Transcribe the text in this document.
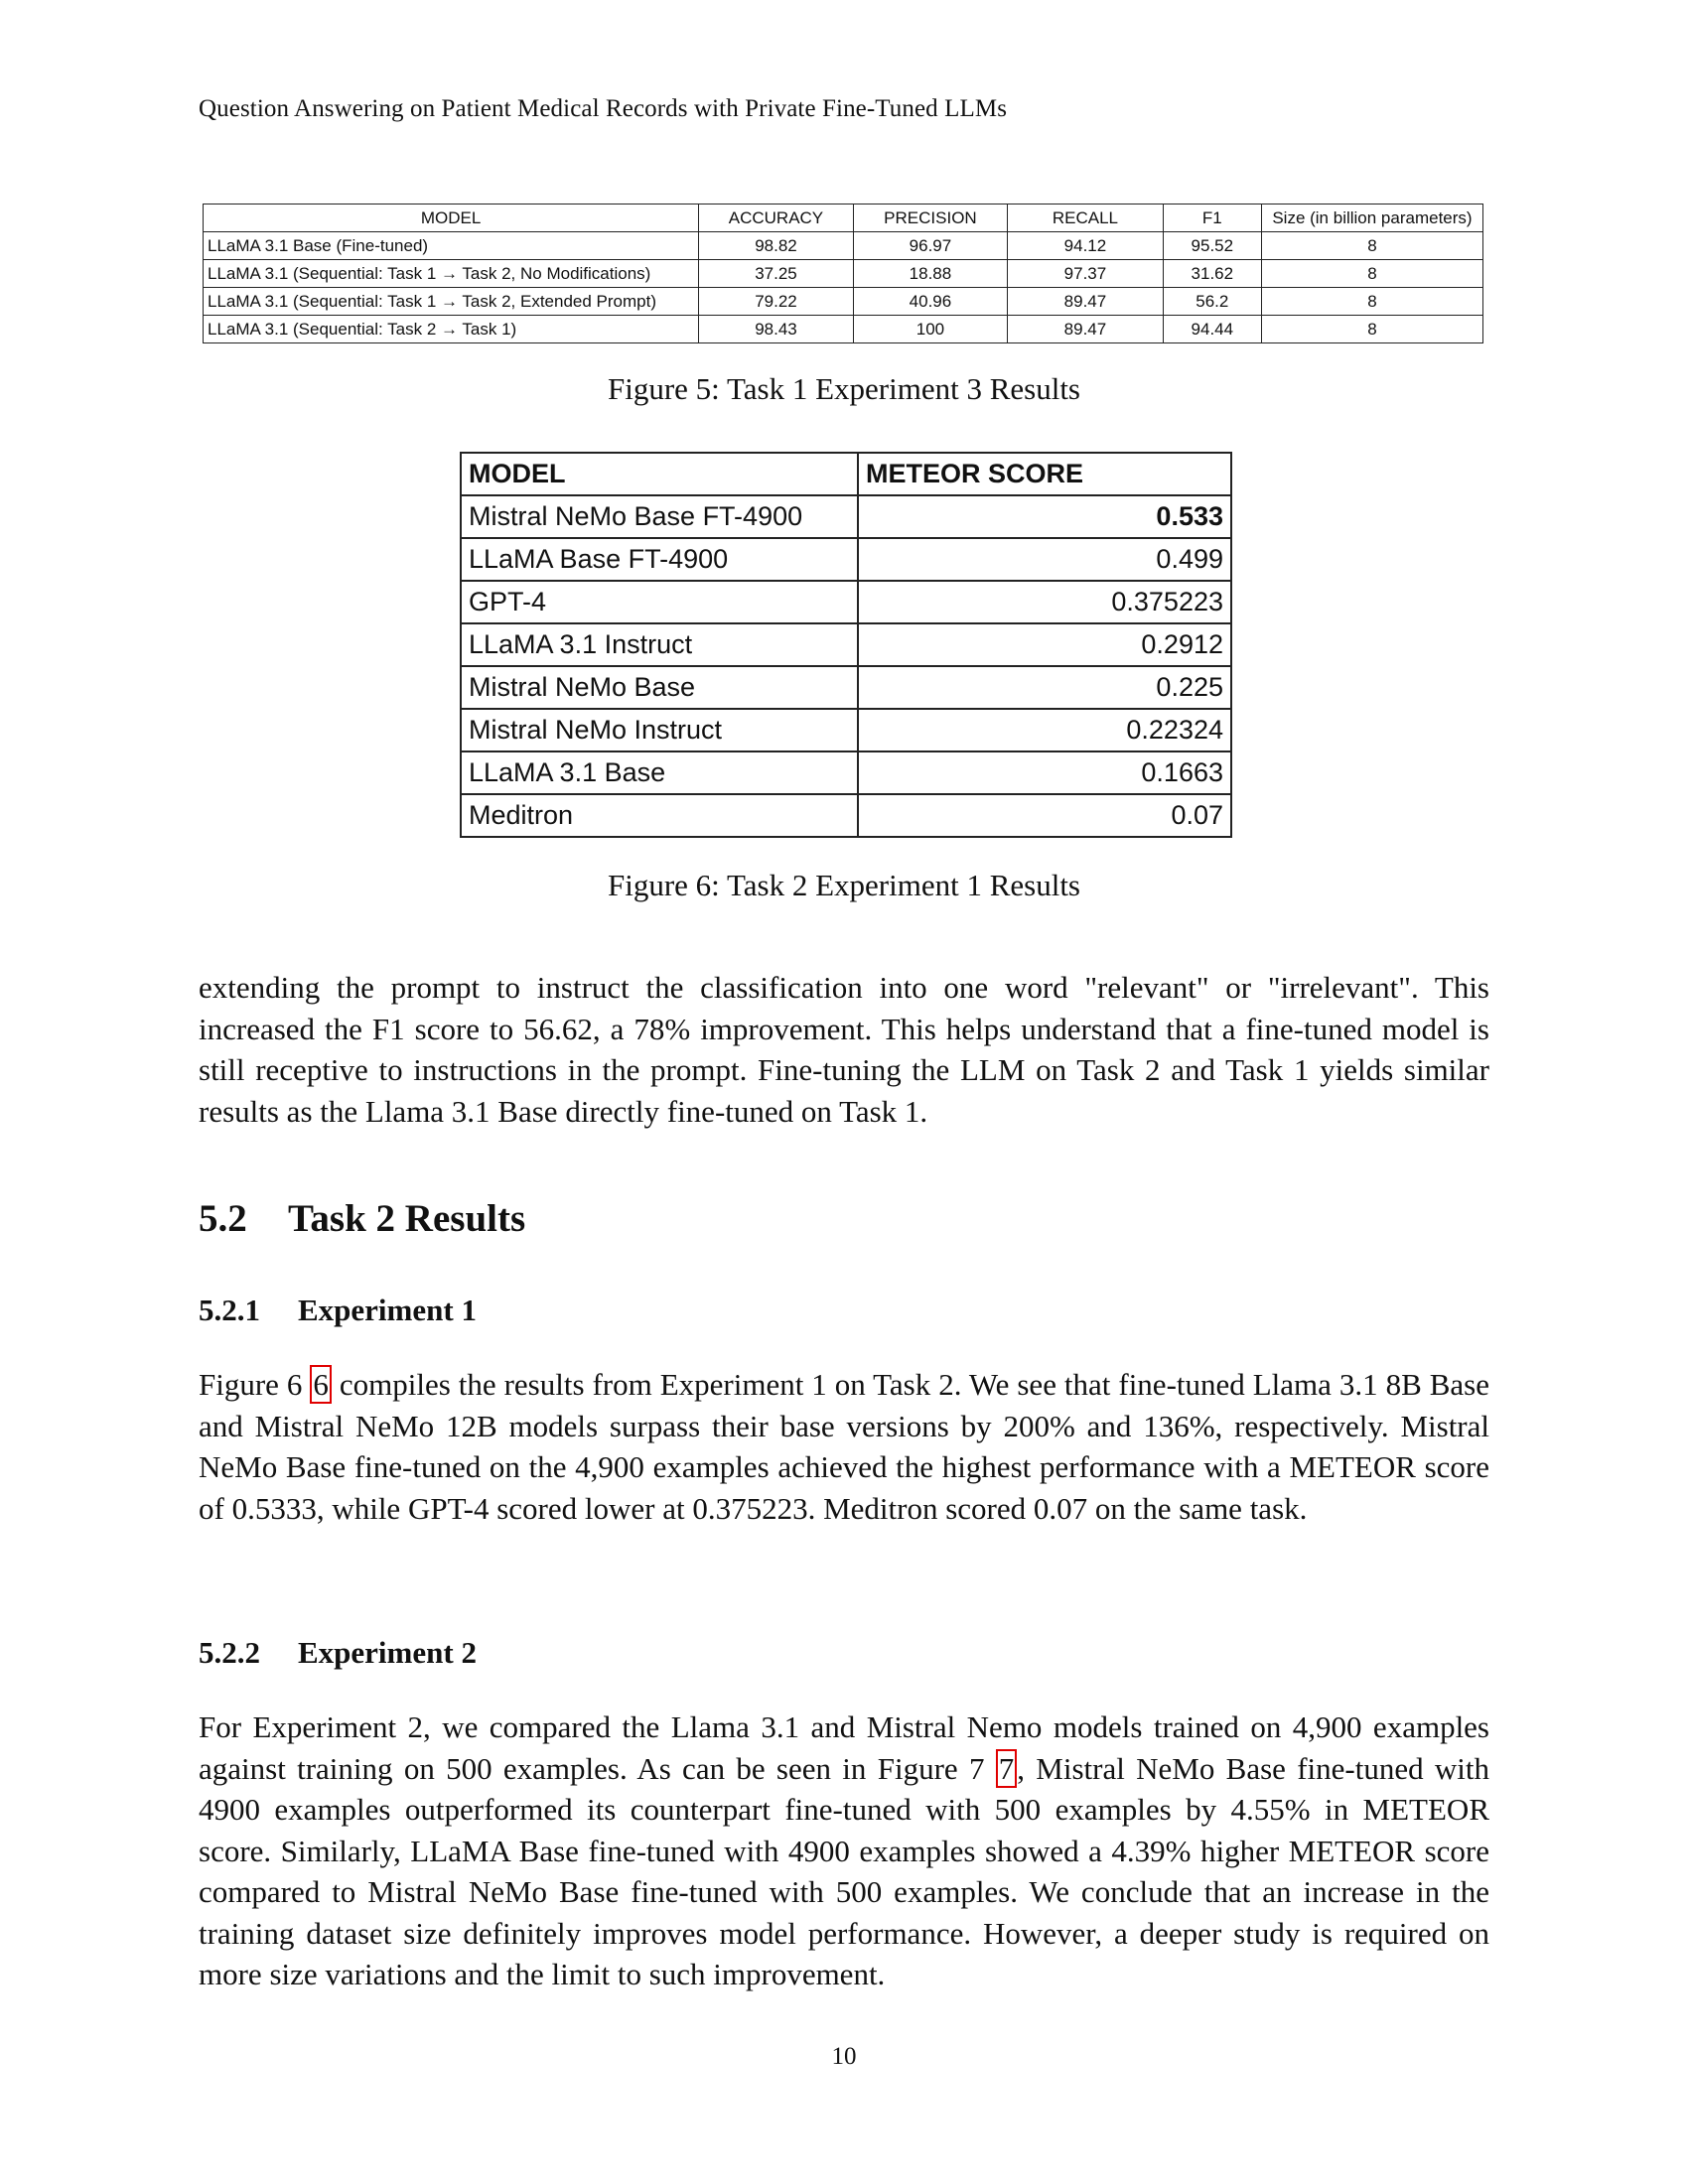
Question Answering on Patient Medical Records with Private Fine-Tuned LLMs
MODEL	ACCURACY	PRECISION	RECALL	F1	Size (in billion parameters)
LLaMA 3.1 Base (Fine-tuned)	98.82	96.97	94.12	95.52	8
LLaMA 3.1 (Sequential: Task 1 → Task 2, No Modifications)	37.25	18.88	97.37	31.62	8
LLaMA 3.1 (Sequential: Task 1 → Task 2, Extended Prompt)	79.22	40.96	89.47	56.2	8
LLaMA 3.1 (Sequential: Task 2 → Task 1)	98.43	100	89.47	94.44	8
Figure 5: Task 1 Experiment 3 Results
MODEL	METEOR SCORE
Mistral NeMo Base FT-4900	0.533
LLaMA Base FT-4900	0.499
GPT-4	0.375223
LLaMA 3.1 Instruct	0.2912
Mistral NeMo Base	0.225
Mistral NeMo Instruct	0.22324
LLaMA 3.1 Base	0.1663
Meditron	0.07
Figure 6: Task 2 Experiment 1 Results

extending the prompt to instruct the classification into one word "relevant" or "irrelevant". This increased the F1 score to 56.62, a 78% improvement. This helps understand that a fine-tuned model is still receptive to instructions in the prompt. Fine-tuning the LLM on Task 2 and Task 1 yields similar results as the Llama 3.1 Base directly fine-tuned on Task 1.

5.2 Task 2 Results
5.2.1 Experiment 1

Figure 6 6 compiles the results from Experiment 1 on Task 2. We see that fine-tuned Llama 3.1 8B Base and Mistral NeMo 12B models surpass their base versions by 200% and 136%, respectively. Mistral NeMo Base fine-tuned on the 4,900 examples achieved the highest performance with a METEOR score of 0.5333, while GPT-4 scored lower at 0.375223. Meditron scored 0.07 on the same task.

5.2.2 Experiment 2

For Experiment 2, we compared the Llama 3.1 and Mistral Nemo models trained on 4,900 examples against training on 500 examples. As can be seen in Figure 7 7, Mistral NeMo Base fine-tuned with 4900 examples outperformed its counterpart fine-tuned with 500 examples by 4.55% in METEOR score. Similarly, LLaMA Base fine-tuned with 4900 examples showed a 4.39% higher METEOR score compared to Mistral NeMo Base fine-tuned with 500 examples. We conclude that an increase in the training dataset size definitely improves model performance. However, a deeper study is required on more size variations and the limit to such improvement.

10
